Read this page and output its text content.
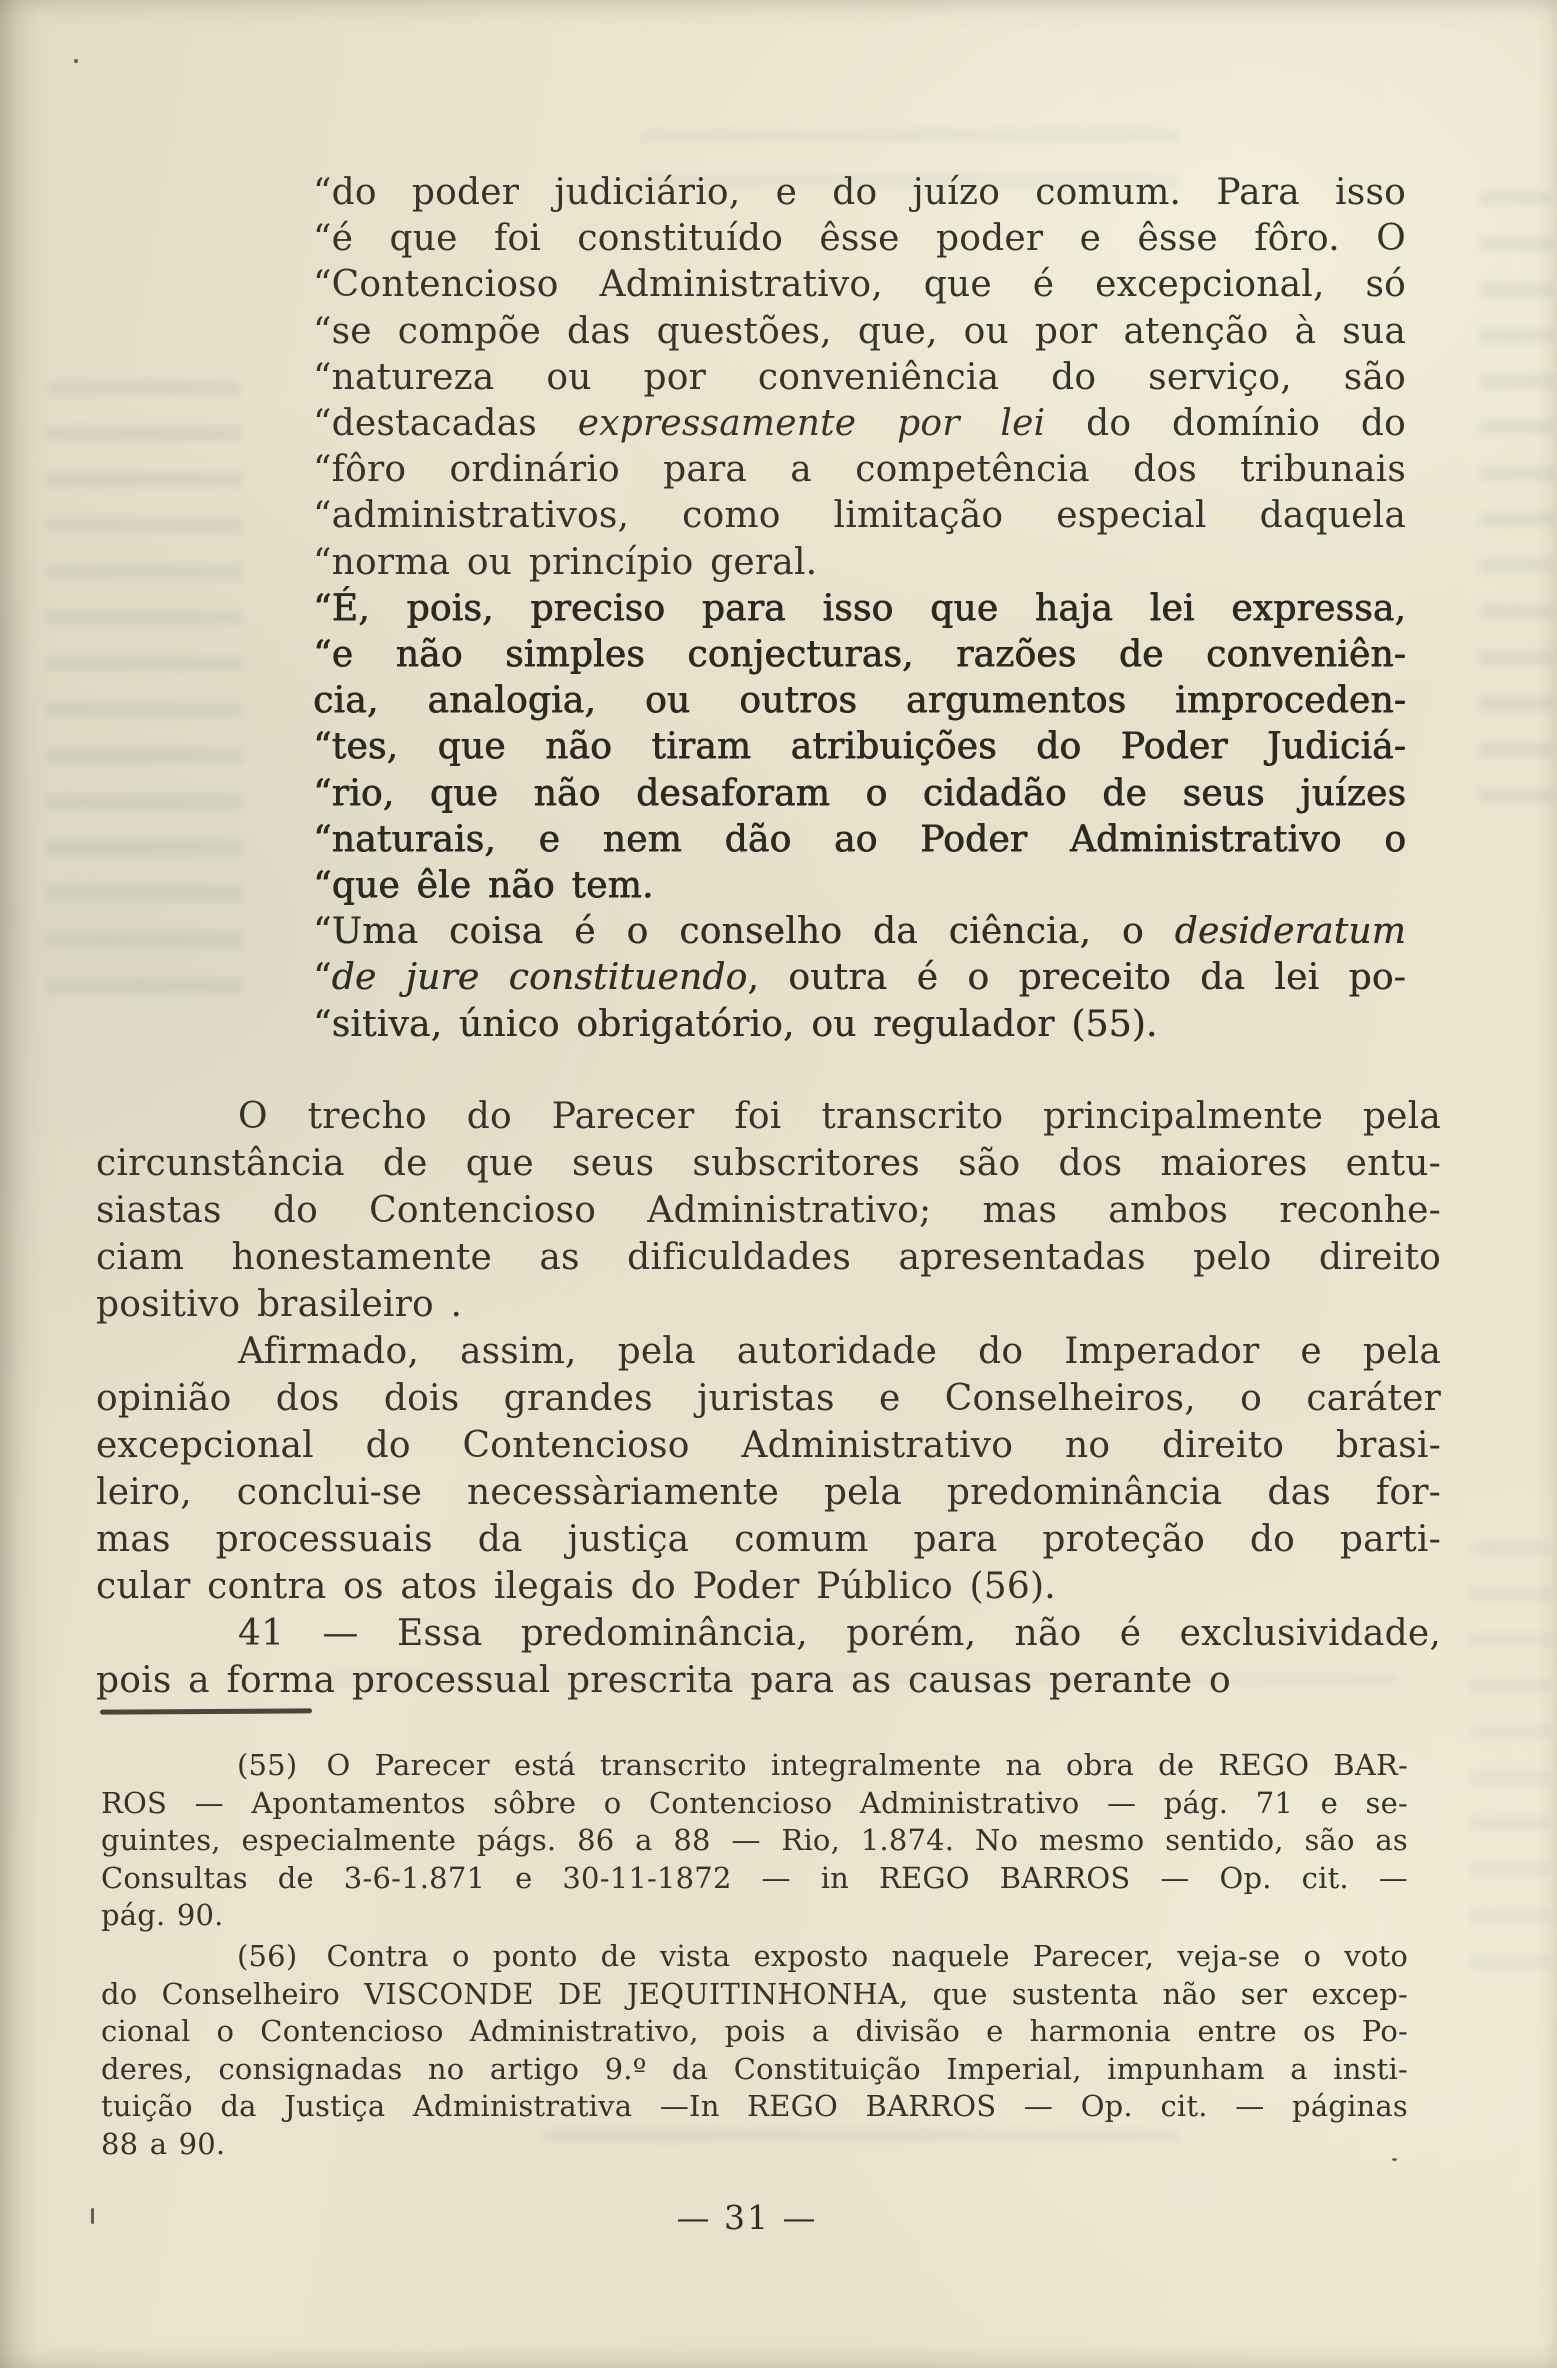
“do poder judiciário, e do juízo comum. Para isso
“é que foi constituído êsse poder e êsse fôro. O
“Contencioso Administrativo, que é excepcional, só
“se compõe das questões, que, ou por atenção à sua
“natureza ou por conveniência do serviço, são
“destacadas expressamente por lei do domínio do
“fôro ordinário para a competência dos tribunais
“administrativos, como limitação especial daquela
“norma ou princípio geral.
“É, pois, preciso para isso que haja lei expressa,
“e não simples conjecturas, razões de conveniên-
cia, analogia, ou outros argumentos improceden-
“tes, que não tiram atribuições do Poder Judiciá-
“rio, que não desaforam o cidadão de seus juízes
“naturais, e nem dão ao Poder Administrativo o
“que êle não tem.
“Uma coisa é o conselho da ciência, o desideratum
“de jure constituendo, outra é o preceito da lei po-
“sitiva, único obrigatório, ou regulador (55).
O trecho do Parecer foi transcrito principalmente pela
circunstância de que seus subscritores são dos maiores entu-
siastas do Contencioso Administrativo; mas ambos reconhe-
ciam honestamente as dificuldades apresentadas pelo direito
positivo brasileiro .
Afirmado, assim, pela autoridade do Imperador e pela
opinião dos dois grandes juristas e Conselheiros, o caráter
excepcional do Contencioso Administrativo no direito brasi-
leiro, conclui-se necessàriamente pela predominância das for-
mas processuais da justiça comum para proteção do parti-
cular contra os atos ilegais do Poder Público (56).
41 — Essa predominância, porém, não é exclusividade,
pois a forma processual prescrita para as causas perante o
(55) O Parecer está transcrito integralmente na obra de REGO BAR-
ROS — Apontamentos sôbre o Contencioso Administrativo — pág. 71 e se-
guintes, especialmente págs. 86 a 88 — Rio, 1.874. No mesmo sentido, são as
Consultas de 3-6-1.871 e 30-11-1872 — in REGO BARROS — Op. cit. —
pág. 90.
(56) Contra o ponto de vista exposto naquele Parecer, veja-se o voto
do Conselheiro VISCONDE DE JEQUITINHONHA, que sustenta não ser excep-
cional o Contencioso Administrativo, pois a divisão e harmonia entre os Po-
deres, consignadas no artigo 9.º da Constituição Imperial, impunham a insti-
tuição da Justiça Administrativa —In REGO BARROS — Op. cit. — páginas
88 a 90.
— 31 —
